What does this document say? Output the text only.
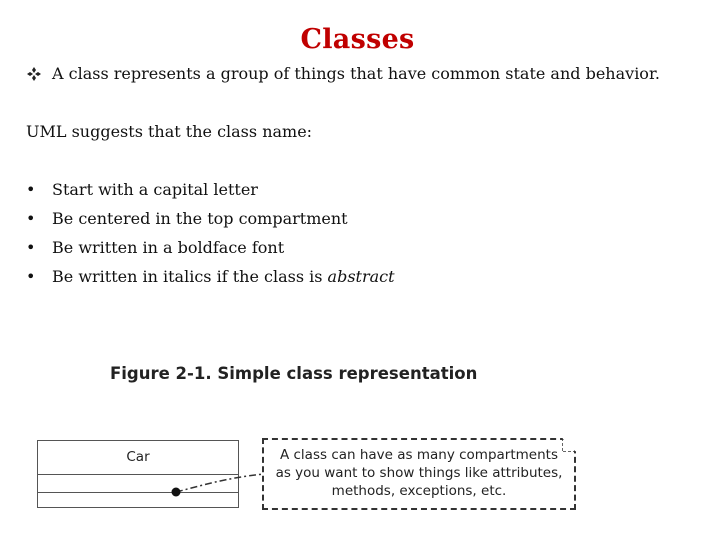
Classes
A class represents a group of things that have common state and behavior.
UML suggests that the class name:
•	Start with a capital letter
•	Be centered in the top compartment
•	Be written in a boldface font
•	Be written in italics if the class is abstract
Figure 2-1. Simple class representation
Car	A class can have as many compartments
as you want to show things like attributes,
methods, exceptions, etc.
